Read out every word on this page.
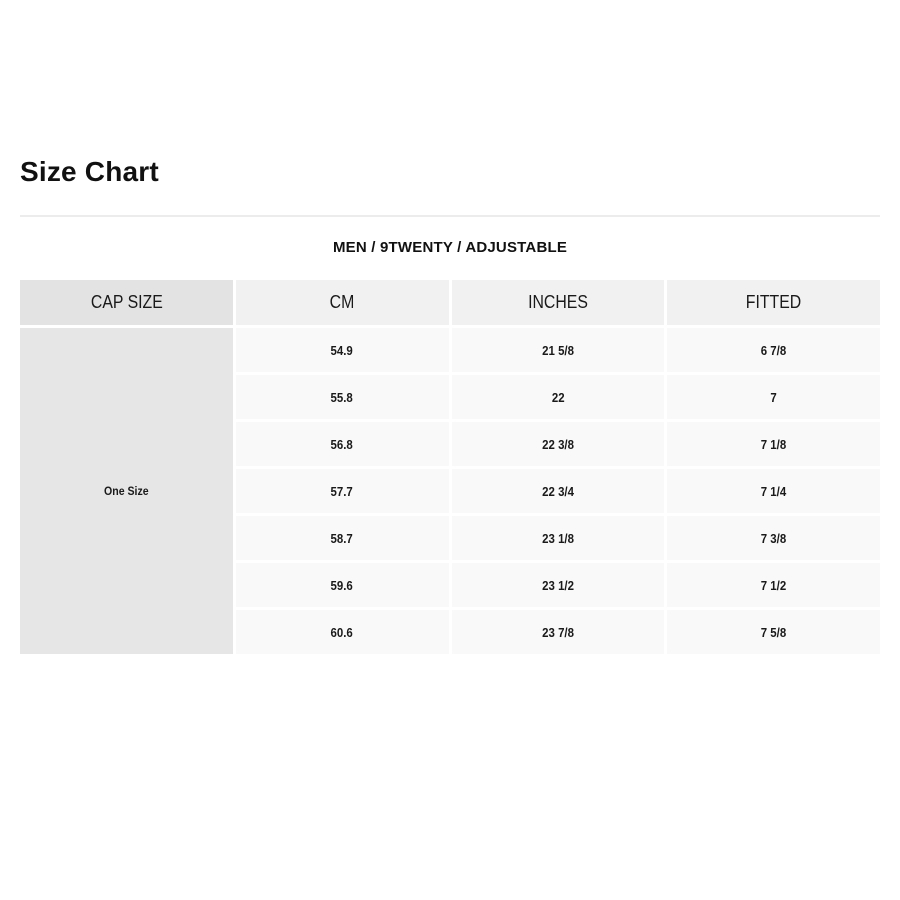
Size Chart
MEN / 9TWENTY / ADJUSTABLE
CAP SIZE	CM	INCHES	FITTED
One Size	54.9	21 5/8	6 7/8
	55.8	22	7
	56.8	22 3/8	7 1/8
	57.7	22 3/4	7 1/4
	58.7	23 1/8	7 3/8
	59.6	23 1/2	7 1/2
	60.6	23 7/8	7 5/8
